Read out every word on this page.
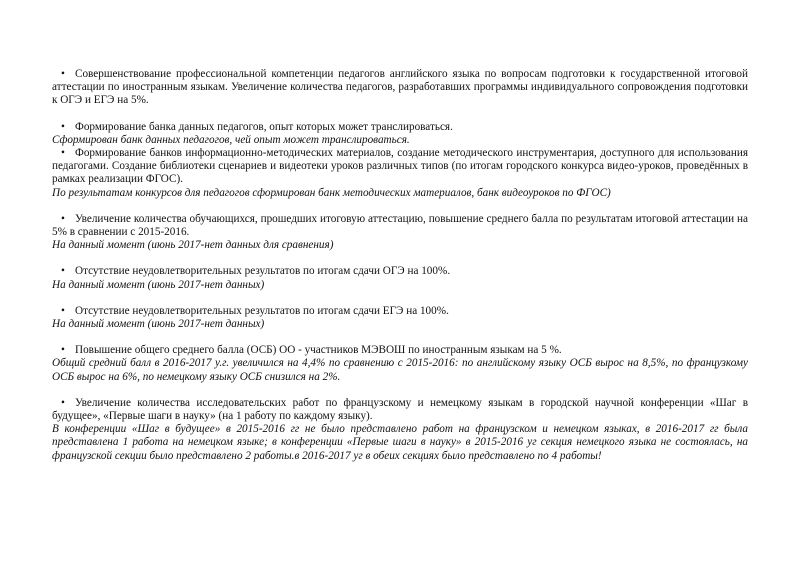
• Совершенствование профессиональной компетенции педагогов английского языка по вопросам подготовки к государственной итоговой аттестации по иностранным языкам. Увеличение количества педагогов, разработавших программы индивидуального сопровождения подготовки к ОГЭ и ЕГЭ на 5%.

• Формирование банка данных педагогов, опыт которых может транслироваться.

Сформирован банк данных педагогов, чей опыт может транслироваться.

• Формирование банков информационно-методических материалов, создание методического инструментария, доступного для использования педагогами. Создание библиотеки сценариев и видеотеки уроков различных типов (по итогам городского конкурса видео-уроков, проведённых в рамках реализации ФГОС).

По результатам конкурсов для педагогов сформирован банк методических материалов, банк видеоуроков по ФГОС)

• Увеличение количества обучающихся, прошедших итоговую аттестацию, повышение среднего балла по результатам итоговой аттестации на 5% в сравнении с 2015-2016.

На данный момент (июнь 2017-нет данных для сравнения)

• Отсутствие неудовлетворительных результатов по итогам сдачи ОГЭ на 100%.

На данный момент (июнь 2017-нет данных)

• Отсутствие неудовлетворительных результатов по итогам сдачи ЕГЭ на 100%.

На данный момент (июнь 2017-нет данных)

• Повышение общего среднего балла (ОСБ) ОО - участников МЭВОШ по иностранным языкам на 5 %.

Общий средний балл в 2016-2017 у.г. увеличился на 4,4% по сравнению с 2015-2016: по английскому языку ОСБ вырос на 8,5%, по французкому ОСБ вырос на 6%, по немецкому языку ОСБ снизился на 2%.

• Увеличение количества исследовательских работ по французскому и немецкому языкам в городской научной конференции «Шаг в будущее», «Первые шаги в науку» (на 1 работу по каждому языку).

В конференции «Шаг в будущее» в 2015-2016 гг не было представлено работ на французском и немецком языках, в 2016-2017 гг была представлена 1 работа на немецком языке; в конференции «Первые шаги в науку» в 2015-2016 уг секция немецкого языка не состоялась, на французской секции было представлено 2 работы.в 2016-2017 уг в обеих секциях было представлено по 4 работы!
